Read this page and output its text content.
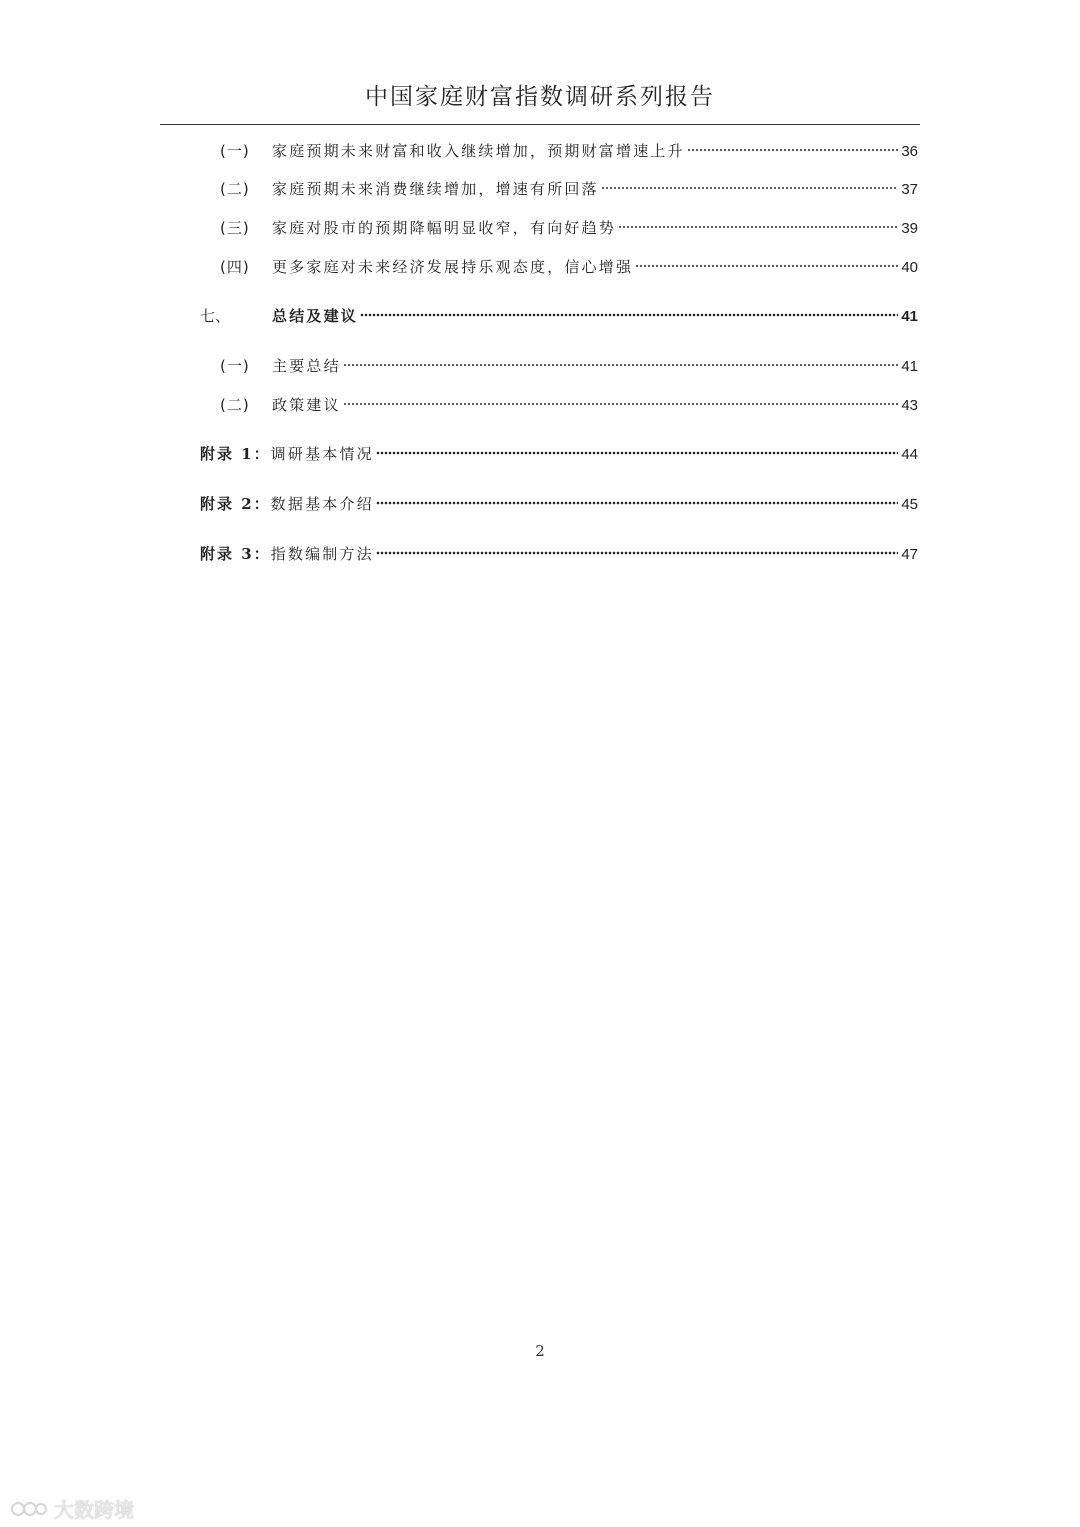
中国家庭财富指数调研系列报告
(一)	家庭预期未来财富和收入继续增加，预期财富增速上升	36
(二)	家庭预期未来消费继续增加，增速有所回落	37
(三)	家庭对股市的预期降幅明显收窄，有向好趋势	39
(四)	更多家庭对未来经济发展持乐观态度，信心增强	40
七、	总结及建议	41
(一)	主要总结	41
(二)	政策建议	43
附录 1： 调研基本情况	44
附录 2： 数据基本介绍	45
附录 3： 指数编制方法	47
2
大数跨境
